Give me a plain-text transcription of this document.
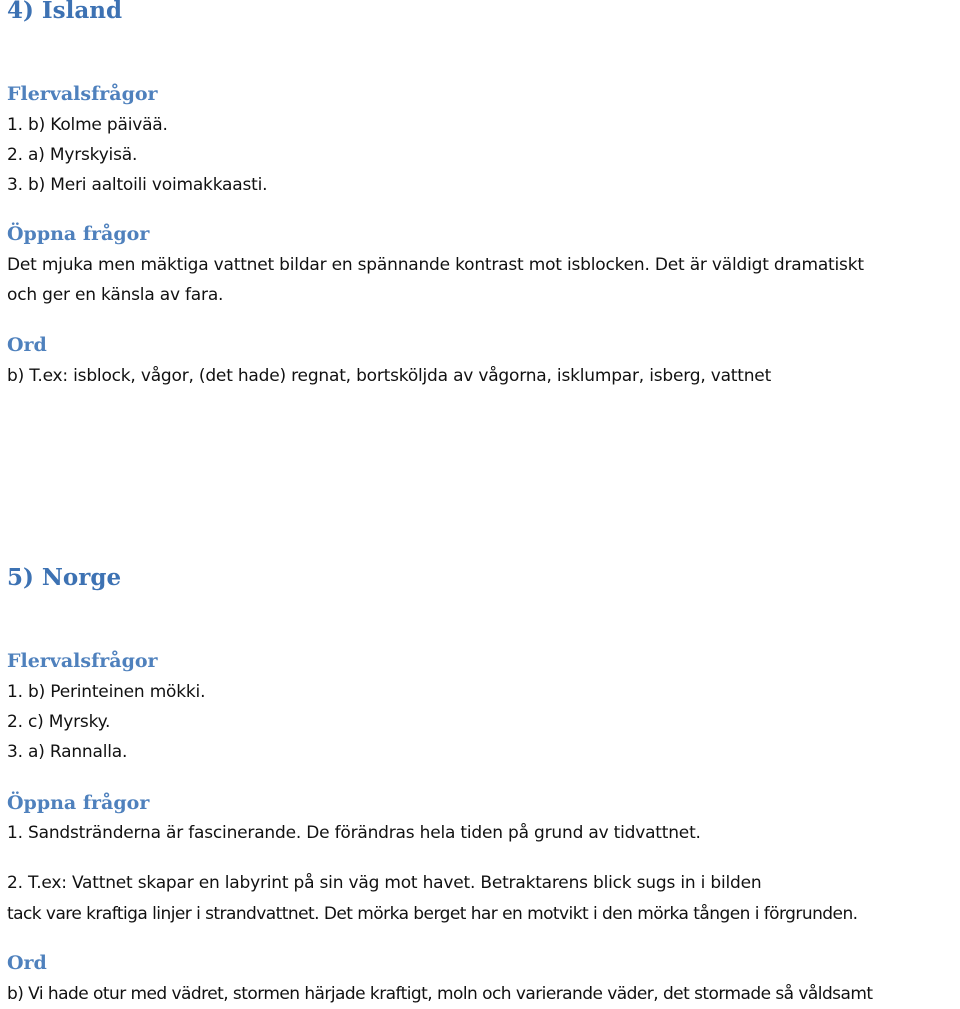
4) Island
Flervalsfrågor
1. b) Kolme päivää.
2. a) Myrskyisä.
3. b) Meri aaltoili voimakkaasti.
Öppna frågor
Det mjuka men mäktiga vattnet bildar en spännande kontrast mot isblocken. Det är väldigt dramatiskt
och ger en känsla av fara.
Ord
b) T.ex: isblock, vågor, (det hade) regnat, bortsköljda av vågorna, isklumpar, isberg, vattnet
5) Norge
Flervalsfrågor
1. b) Perinteinen mökki.
2. c) Myrsky.
3. a) Rannalla.
Öppna frågor
1. Sandstränderna är fascinerande. De förändras hela tiden på grund av tidvattnet.
2. T.ex: Vattnet skapar en labyrint på sin väg mot havet. Betraktarens blick sugs in i bilden
tack vare kraftiga linjer i strandvattnet. Det mörka berget har en motvikt i den mörka tången i förgrunden.
Ord
b) Vi hade otur med vädret, stormen härjade kraftigt, moln och varierande väder, det stormade så våldsamt
